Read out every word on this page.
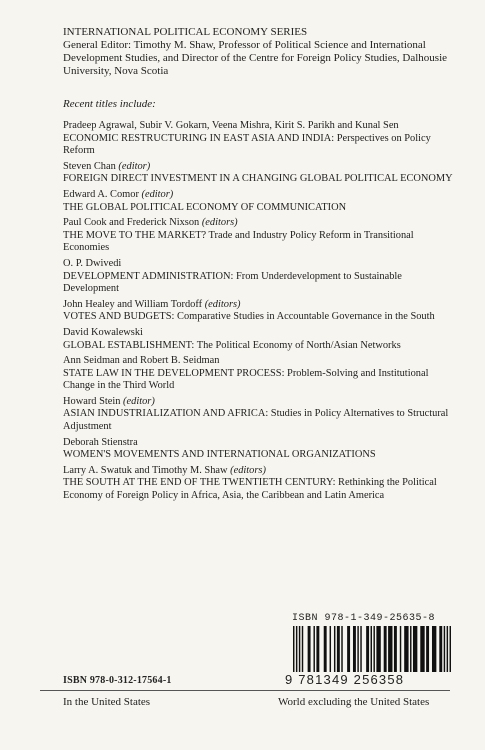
INTERNATIONAL POLITICAL ECONOMY SERIES
General Editor: Timothy M. Shaw, Professor of Political Science and International Development Studies, and Director of the Centre for Foreign Policy Studies, Dalhousie University, Nova Scotia
Recent titles include:
Pradeep Agrawal, Subir V. Gokarn, Veena Mishra, Kirit S. Parikh and Kunal Sen
ECONOMIC RESTRUCTURING IN EAST ASIA AND INDIA: Perspectives on Policy Reform
Steven Chan (editor)
FOREIGN DIRECT INVESTMENT IN A CHANGING GLOBAL POLITICAL ECONOMY
Edward A. Comor (editor)
THE GLOBAL POLITICAL ECONOMY OF COMMUNICATION
Paul Cook and Frederick Nixson (editors)
THE MOVE TO THE MARKET? Trade and Industry Policy Reform in Transitional Economies
O. P. Dwivedi
DEVELOPMENT ADMINISTRATION: From Underdevelopment to Sustainable Development
John Healey and William Tordoff (editors)
VOTES AND BUDGETS: Comparative Studies in Accountable Governance in the South
David Kowalewski
GLOBAL ESTABLISHMENT: The Political Economy of North/Asian Networks
Ann Seidman and Robert B. Seidman
STATE LAW IN THE DEVELOPMENT PROCESS: Problem-Solving and Institutional Change in the Third World
Howard Stein (editor)
ASIAN INDUSTRIALIZATION AND AFRICA: Studies in Policy Alternatives to Structural Adjustment
Deborah Stienstra
WOMEN'S MOVEMENTS AND INTERNATIONAL ORGANIZATIONS
Larry A. Swatuk and Timothy M. Shaw (editors)
THE SOUTH AT THE END OF THE TWENTIETH CENTURY: Rethinking the Political Economy of Foreign Policy in Africa, Asia, the Caribbean and Latin America
ISBN 978-1-349-25635-8
9 781349 256358
ISBN 978-0-312-17564-1
In the United States	World excluding the United States
